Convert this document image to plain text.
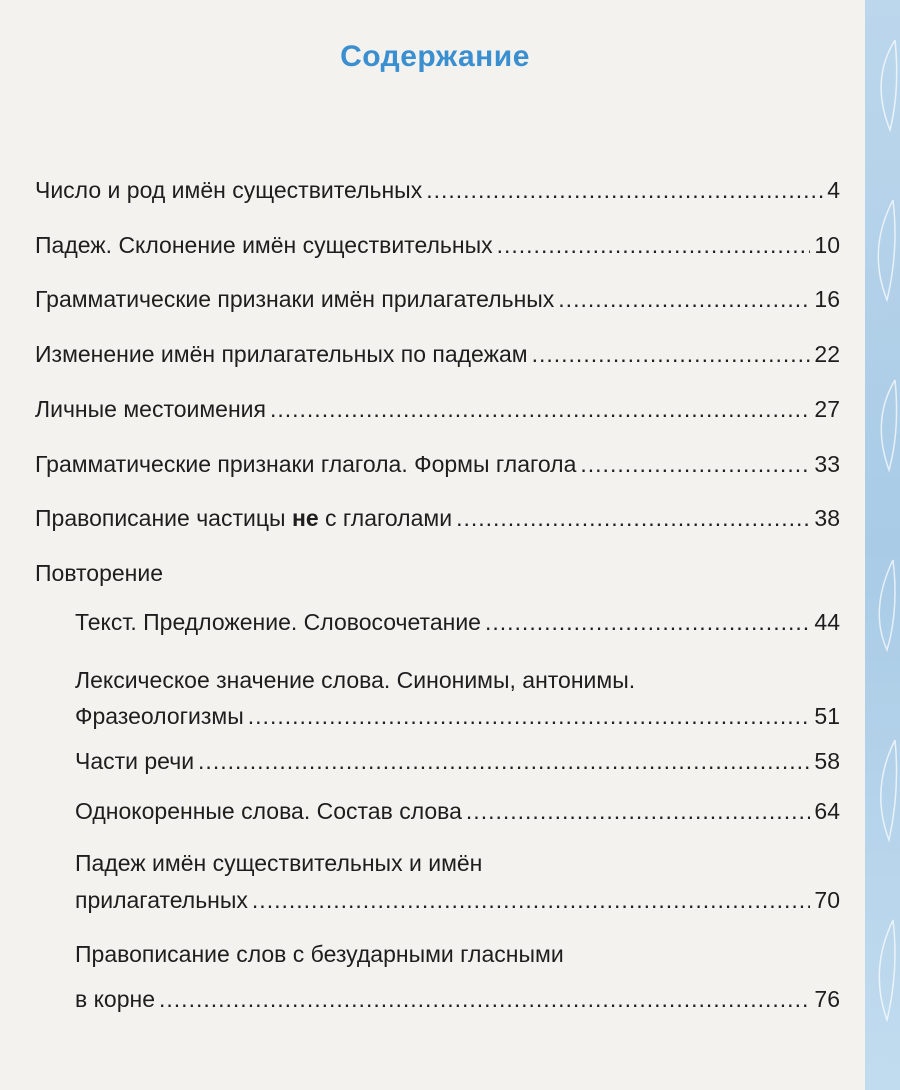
Содержание
Число и род имён существительных .....	4
Падеж. Склонение имён существительных .....	10
Грамматические признаки имён прилагательных .....	16
Изменение имён прилагательных по падежам .....	22
Личные местоимения .....	27
Грамматические признаки глагола. Формы глагола .....	33
Правописание частицы не с глаголами .....	38
Повторение
Текст. Предложение. Словосочетание .....	44
Лексическое значение слова. Синонимы, антонимы.
Фразеологизмы .....	51
Части речи .....	58
Однокоренные слова. Состав слова .....	64
Падеж имён существительных и имён
прилагательных .....	70
Правописание слов с безударными гласными
в корне .....	76
